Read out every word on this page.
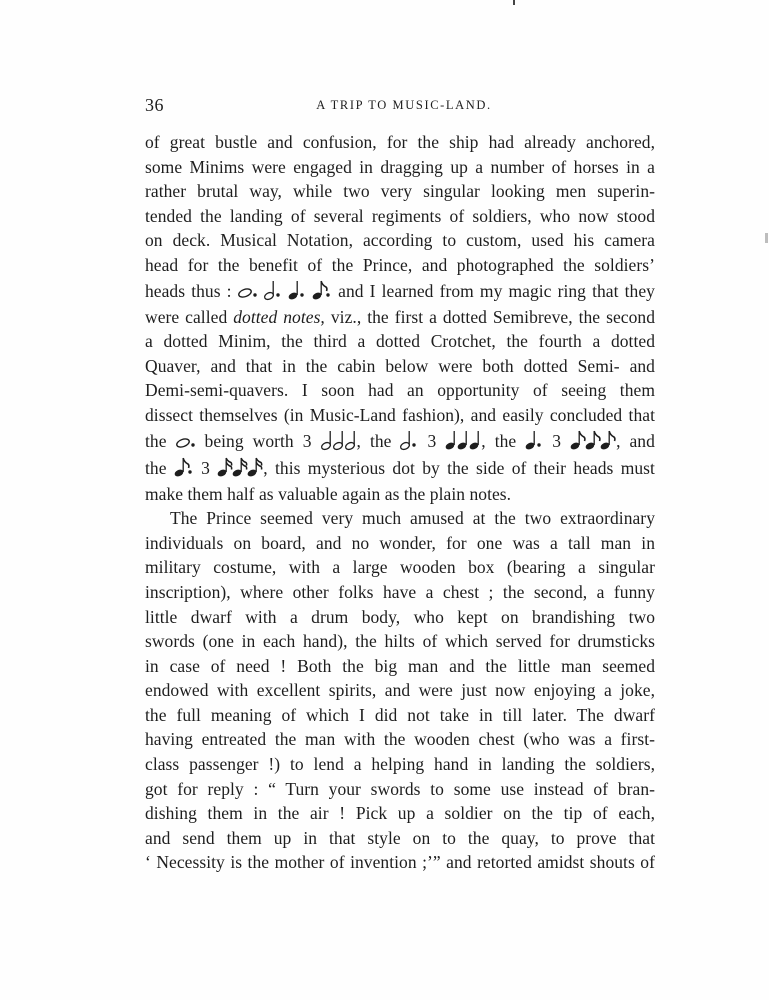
36	A TRIP TO MUSIC-LAND.
of great bustle and confusion, for the ship had already anchored,
some Minims were engaged in dragging up a number of horses in a
rather brutal way, while two very singular looking men superin-
tended the landing of several regiments of soldiers, who now stood
on deck. Musical Notation, according to custom, used his camera
head for the benefit of the Prince, and photographed the soldiers’
heads thus :

	and I learned from my magic ring that they
were called dotted notes, viz., the first a dotted Semibreve, the second
a dotted Minim, the third a dotted Crotchet, the fourth a dotted
Quaver, and that in the cabin below were both dotted Semi- and
Demi-semi-quavers. I soon had an opportunity of seeing them
dissect themselves (in Music-Land fashion), and easily concluded that
the being worth 3	, the 3	, the 3	, and
the 3	, this mysterious dot by the side of their heads must
make them half as valuable again as the plain notes.
The Prince seemed very much amused at the two extraordinary
individuals on board, and no wonder, for one was a tall man in
military costume, with a large wooden box (bearing a singular
inscription), where other folks have a chest ; the second, a funny
little dwarf with a drum body, who kept on brandishing two
swords (one in each hand), the hilts of which served for drumsticks
in case of need ! Both the big man and the little man seemed
endowed with excellent spirits, and were just now enjoying a joke,
the full meaning of which I did not take in till later. The dwarf
having entreated the man with the wooden chest (who was a first-
class passenger !) to lend a helping hand in landing the soldiers,
got for reply : “ Turn your swords to some use instead of bran-
dishing them in the air ! Pick up a soldier on the tip of each,
and send them up in that style on to the quay, to prove that
‘ Necessity is the mother of invention ;’” and retorted amidst shouts of
